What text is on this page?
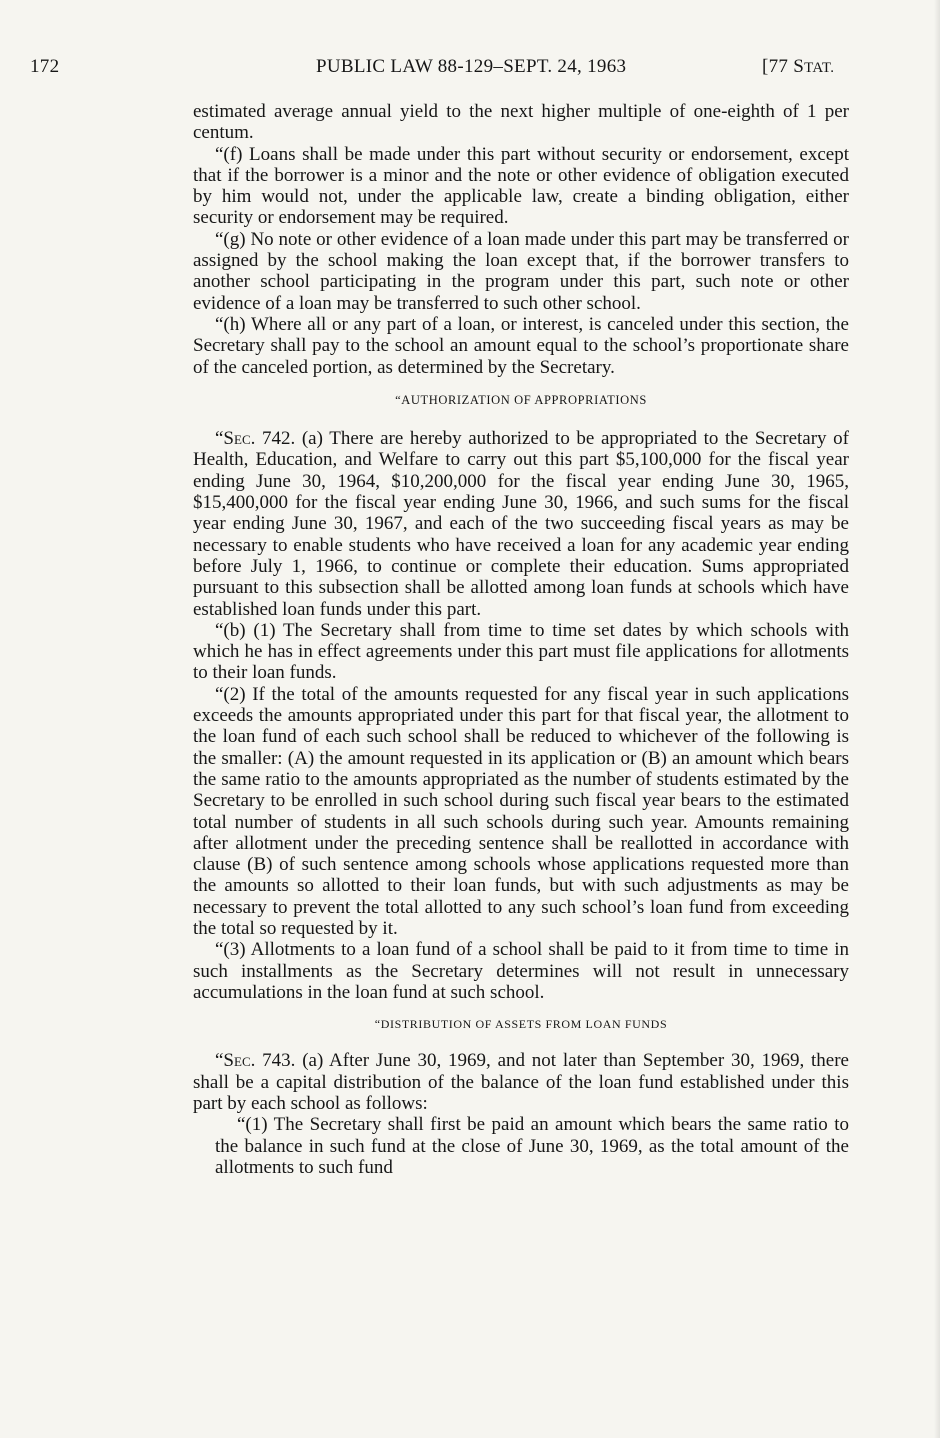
172	PUBLIC LAW 88-129–SEPT. 24, 1963	[77 STAT.

estimated average annual yield to the next higher multiple of one-eighth of 1 per centum.

“(f) Loans shall be made under this part without security or endorsement, except that if the borrower is a minor and the note or other evidence of obligation executed by him would not, under the applicable law, create a binding obligation, either security or endorsement may be required.

“(g) No note or other evidence of a loan made under this part may be transferred or assigned by the school making the loan except that, if the borrower transfers to another school participating in the program under this part, such note or other evidence of a loan may be transferred to such other school.

“(h) Where all or any part of a loan, or interest, is canceled under this section, the Secretary shall pay to the school an amount equal to the school’s proportionate share of the canceled portion, as determined by the Secretary.

“AUTHORIZATION OF APPROPRIATIONS

“Sec. 742. (a) There are hereby authorized to be appropriated to the Secretary of Health, Education, and Welfare to carry out this part $5,100,000 for the fiscal year ending June 30, 1964, $10,200,000 for the fiscal year ending June 30, 1965, $15,400,000 for the fiscal year ending June 30, 1966, and such sums for the fiscal year ending June 30, 1967, and each of the two succeeding fiscal years as may be necessary to enable students who have received a loan for any academic year ending before July 1, 1966, to continue or complete their education. Sums appropriated pursuant to this subsection shall be allotted among loan funds at schools which have established loan funds under this part.

“(b) (1) The Secretary shall from time to time set dates by which schools with which he has in effect agreements under this part must file applications for allotments to their loan funds.

“(2) If the total of the amounts requested for any fiscal year in such applications exceeds the amounts appropriated under this part for that fiscal year, the allotment to the loan fund of each such school shall be reduced to whichever of the following is the smaller: (A) the amount requested in its application or (B) an amount which bears the same ratio to the amounts appropriated as the number of students estimated by the Secretary to be enrolled in such school during such fiscal year bears to the estimated total number of students in all such schools during such year. Amounts remaining after allotment under the preceding sentence shall be reallotted in accordance with clause (B) of such sentence among schools whose applications requested more than the amounts so allotted to their loan funds, but with such adjustments as may be necessary to prevent the total allotted to any such school’s loan fund from exceeding the total so requested by it.

“(3) Allotments to a loan fund of a school shall be paid to it from time to time in such installments as the Secretary determines will not result in unnecessary accumulations in the loan fund at such school.

“DISTRIBUTION OF ASSETS FROM LOAN FUNDS

“Sec. 743. (a) After June 30, 1969, and not later than September 30, 1969, there shall be a capital distribution of the balance of the loan fund established under this part by each school as follows:

“(1) The Secretary shall first be paid an amount which bears the same ratio to the balance in such fund at the close of June 30, 1969, as the total amount of the allotments to such fund
